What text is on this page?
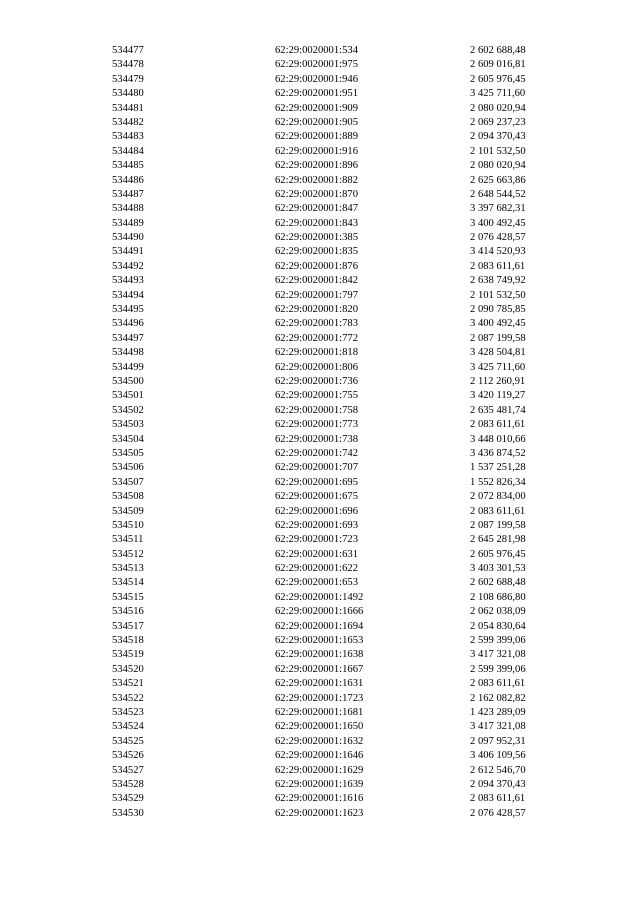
534477	62:29:0020001:534	2 602 688,48
534478	62:29:0020001:975	2 609 016,81
534479	62:29:0020001:946	2 605 976,45
534480	62:29:0020001:951	3 425 711,60
534481	62:29:0020001:909	2 080 020,94
534482	62:29:0020001:905	2 069 237,23
534483	62:29:0020001:889	2 094 370,43
534484	62:29:0020001:916	2 101 532,50
534485	62:29:0020001:896	2 080 020,94
534486	62:29:0020001:882	2 625 663,86
534487	62:29:0020001:870	2 648 544,52
534488	62:29:0020001:847	3 397 682,31
534489	62:29:0020001:843	3 400 492,45
534490	62:29:0020001:385	2 076 428,57
534491	62:29:0020001:835	3 414 520,93
534492	62:29:0020001:876	2 083 611,61
534493	62:29:0020001:842	2 638 749,92
534494	62:29:0020001:797	2 101 532,50
534495	62:29:0020001:820	2 090 785,85
534496	62:29:0020001:783	3 400 492,45
534497	62:29:0020001:772	2 087 199,58
534498	62:29:0020001:818	3 428 504,81
534499	62:29:0020001:806	3 425 711,60
534500	62:29:0020001:736	2 112 260,91
534501	62:29:0020001:755	3 420 119,27
534502	62:29:0020001:758	2 635 481,74
534503	62:29:0020001:773	2 083 611,61
534504	62:29:0020001:738	3 448 010,66
534505	62:29:0020001:742	3 436 874,52
534506	62:29:0020001:707	1 537 251,28
534507	62:29:0020001:695	1 552 826,34
534508	62:29:0020001:675	2 072 834,00
534509	62:29:0020001:696	2 083 611,61
534510	62:29:0020001:693	2 087 199,58
534511	62:29:0020001:723	2 645 281,98
534512	62:29:0020001:631	2 605 976,45
534513	62:29:0020001:622	3 403 301,53
534514	62:29:0020001:653	2 602 688,48
534515	62:29:0020001:1492	2 108 686,80
534516	62:29:0020001:1666	2 062 038,09
534517	62:29:0020001:1694	2 054 830,64
534518	62:29:0020001:1653	2 599 399,06
534519	62:29:0020001:1638	3 417 321,08
534520	62:29:0020001:1667	2 599 399,06
534521	62:29:0020001:1631	2 083 611,61
534522	62:29:0020001:1723	2 162 082,82
534523	62:29:0020001:1681	1 423 289,09
534524	62:29:0020001:1650	3 417 321,08
534525	62:29:0020001:1632	2 097 952,31
534526	62:29:0020001:1646	3 406 109,56
534527	62:29:0020001:1629	2 612 546,70
534528	62:29:0020001:1639	2 094 370,43
534529	62:29:0020001:1616	2 083 611,61
534530	62:29:0020001:1623	2 076 428,57
